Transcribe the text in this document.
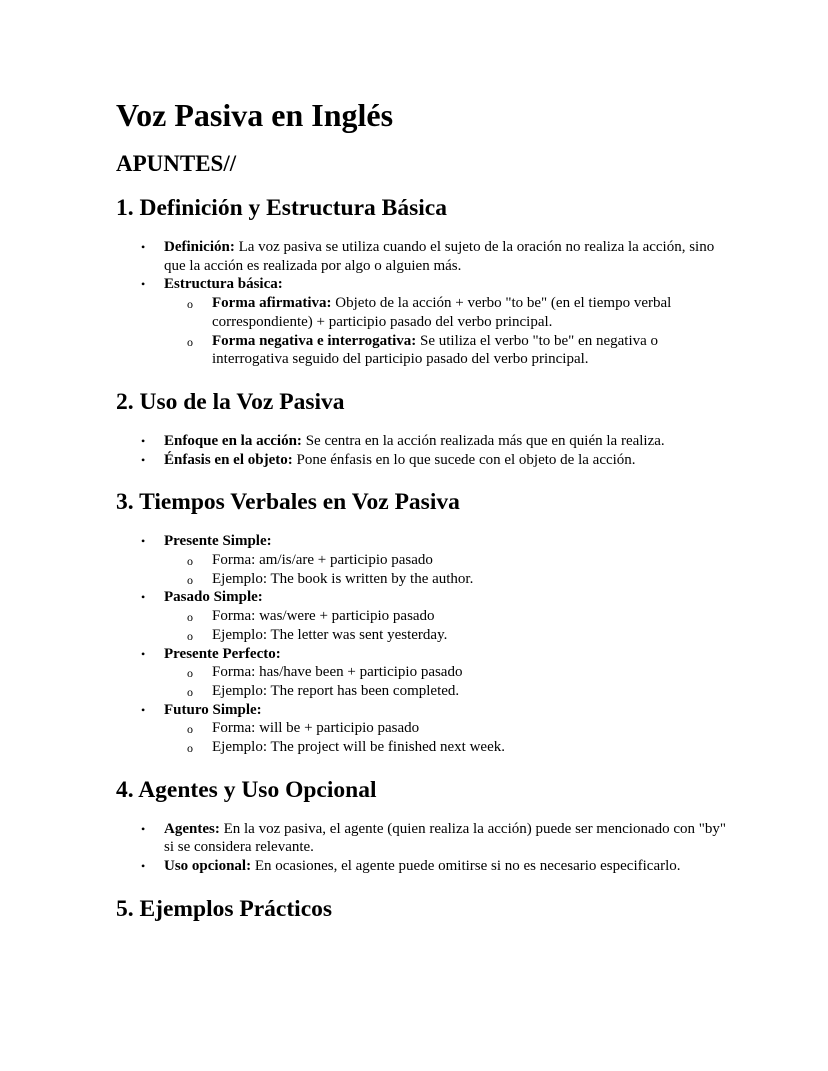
Voz Pasiva en Inglés
APUNTES//
1. Definición y Estructura Básica
• Definición: La voz pasiva se utiliza cuando el sujeto de la oración no realiza la acción, sino que la acción es realizada por algo o alguien más.
• Estructura básica:
o Forma afirmativa: Objeto de la acción + verbo "to be" (en el tiempo verbal correspondiente) + participio pasado del verbo principal.
o Forma negativa e interrogativa: Se utiliza el verbo "to be" en negativa o interrogativa seguido del participio pasado del verbo principal.
2. Uso de la Voz Pasiva
• Enfoque en la acción: Se centra en la acción realizada más que en quién la realiza.
• Énfasis en el objeto: Pone énfasis en lo que sucede con el objeto de la acción.
3. Tiempos Verbales en Voz Pasiva
• Presente Simple:
o Forma: am/is/are + participio pasado
o Ejemplo: The book is written by the author.
• Pasado Simple:
o Forma: was/were + participio pasado
o Ejemplo: The letter was sent yesterday.
• Presente Perfecto:
o Forma: has/have been + participio pasado
o Ejemplo: The report has been completed.
• Futuro Simple:
o Forma: will be + participio pasado
o Ejemplo: The project will be finished next week.
4. Agentes y Uso Opcional
• Agentes: En la voz pasiva, el agente (quien realiza la acción) puede ser mencionado con "by" si se considera relevante.
• Uso opcional: En ocasiones, el agente puede omitirse si no es necesario especificarlo.
5. Ejemplos Prácticos
